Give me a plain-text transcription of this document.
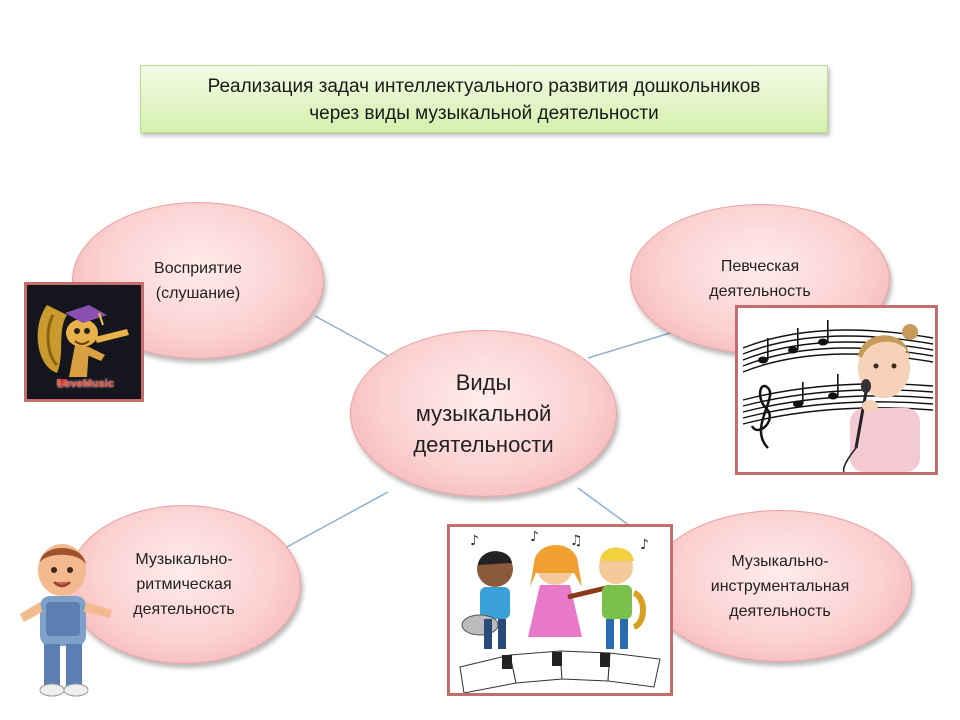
Реализация задач интеллектуального развития дошкольников
через виды музыкальной деятельности
Восприятие
(слушание)
Певческая
деятельность
Музыкально-
ритмическая
деятельность
Музыкально-
инструментальная
деятельность
Виды
музыкальной
деятельности
LoveMusic
♪ ♫
♪	♪
